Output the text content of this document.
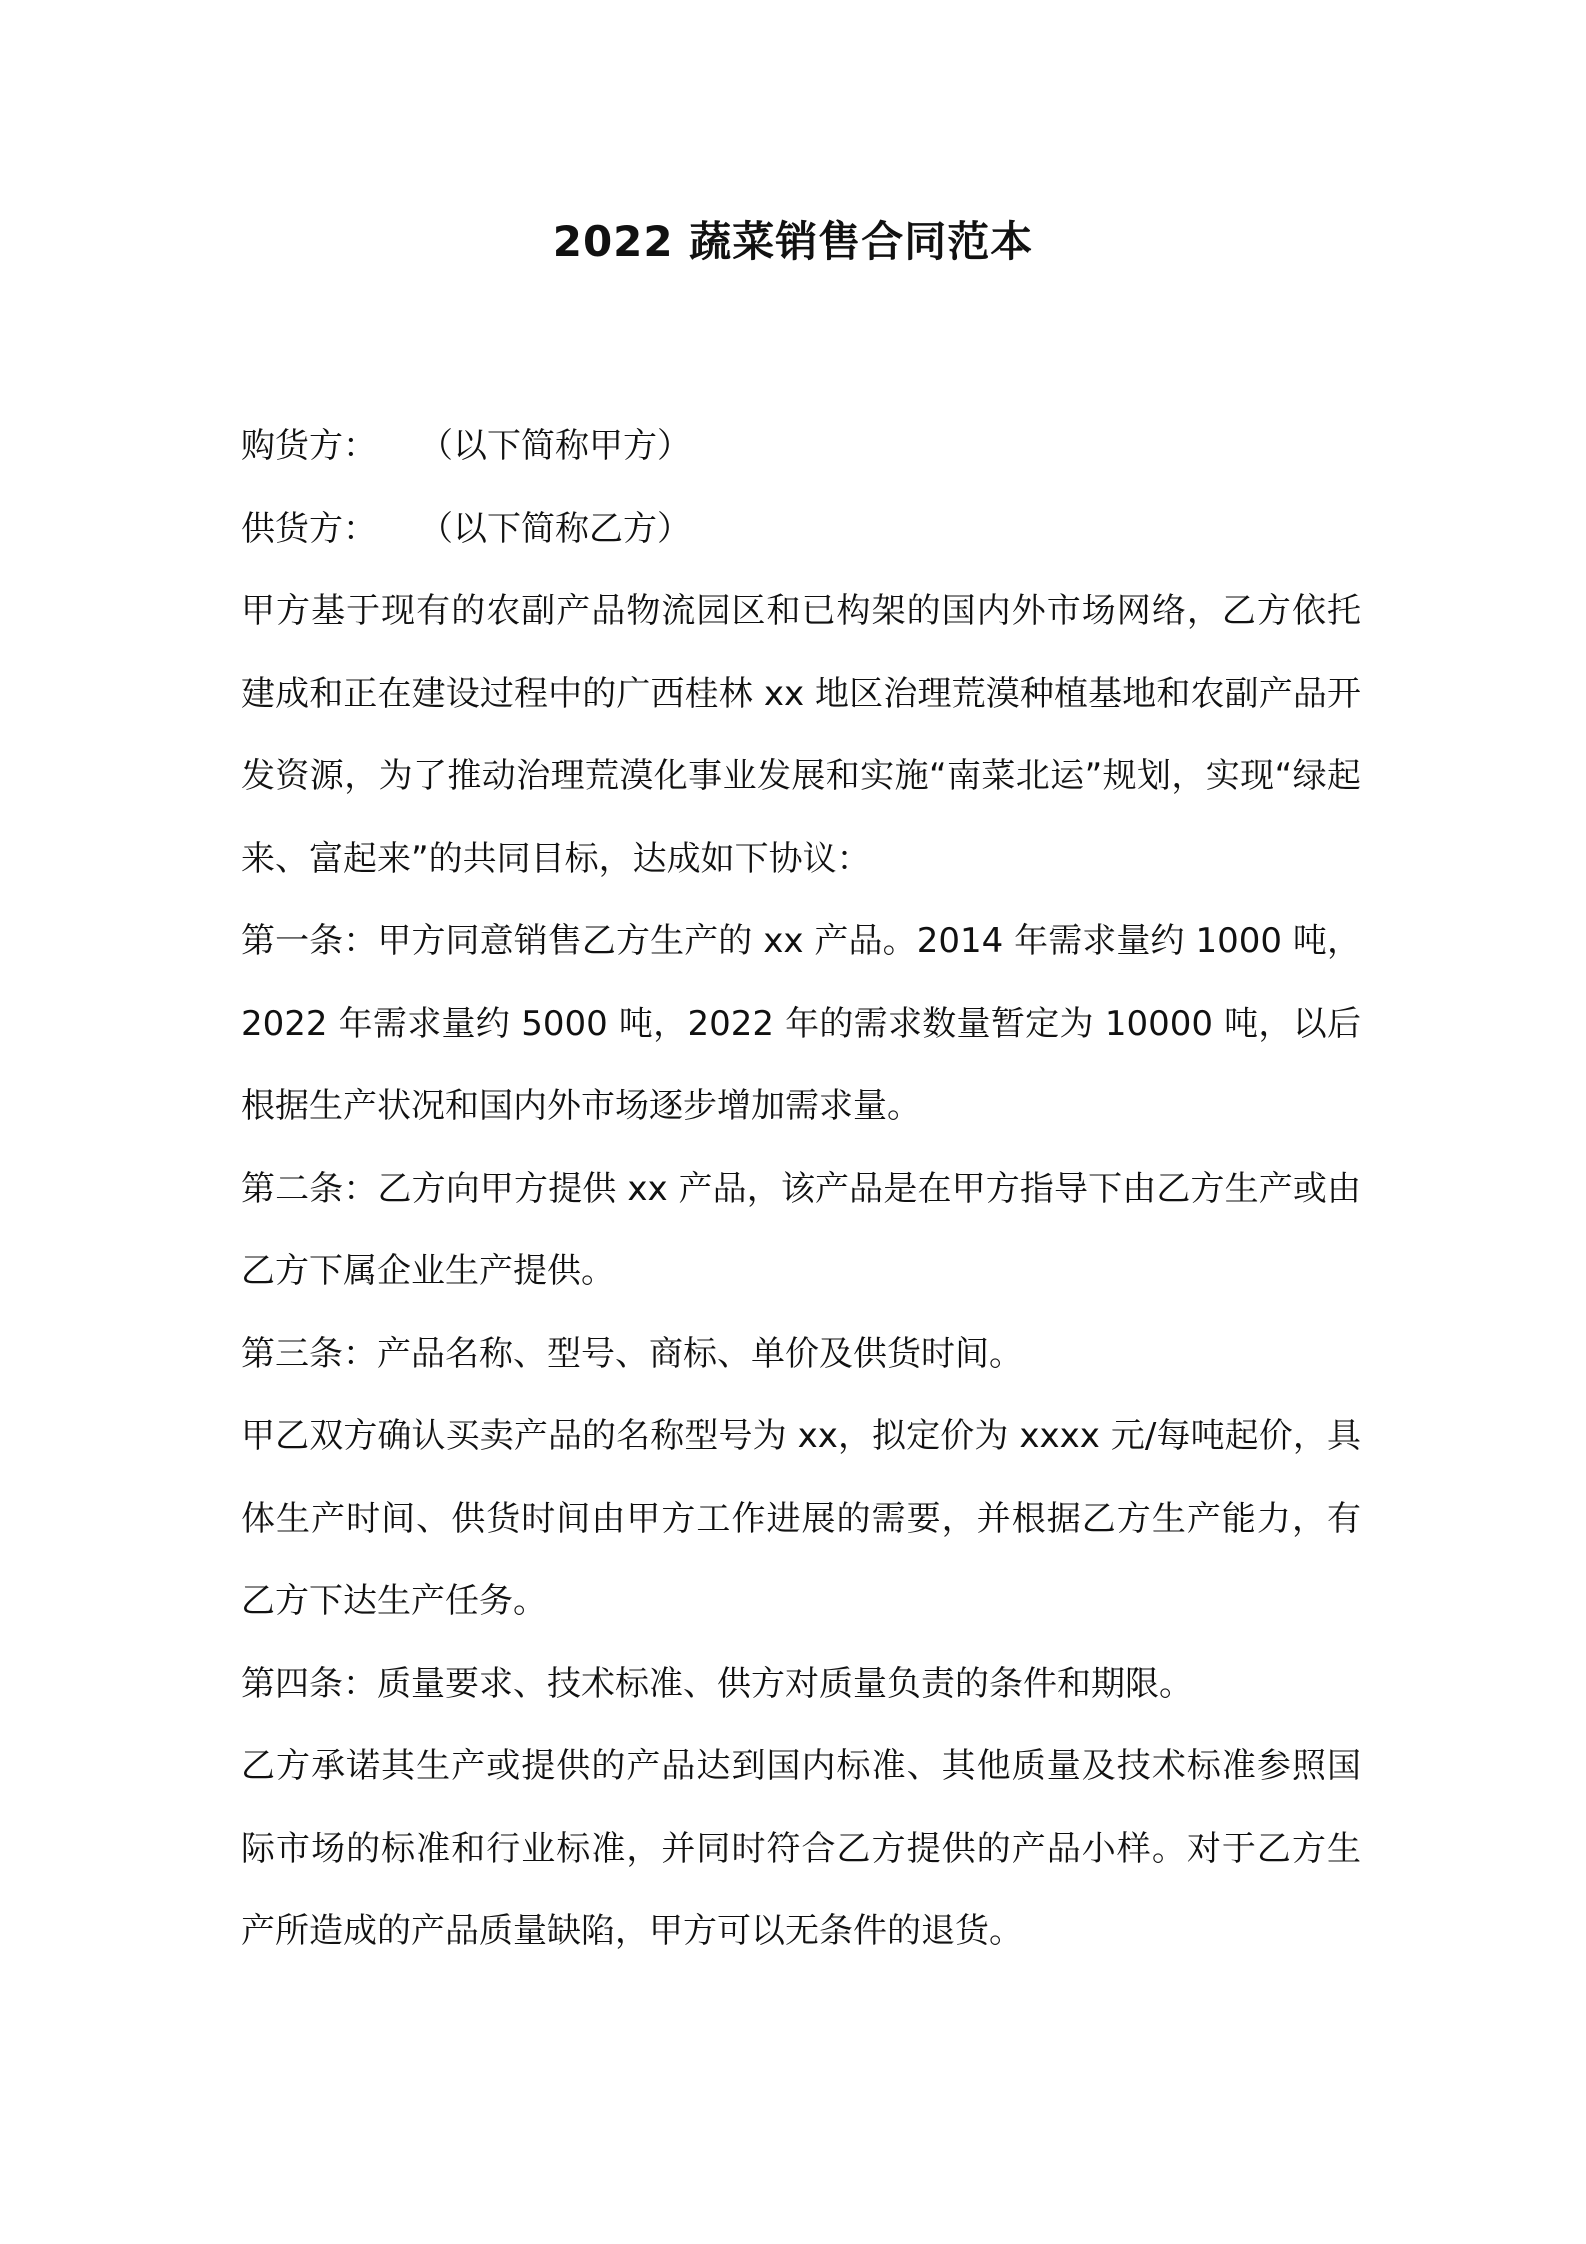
2022 蔬菜销售合同范本

购货方： （以下简称甲方）

供货方： （以下简称乙方）

甲方基于现有的农副产品物流园区和已构架的国内外市场网络，乙方依托建成和正在建设过程中的广西桂林 xx 地区治理荒漠种植基地和农副产品开发资源，为了推动治理荒漠化事业发展和实施“南菜北运”规划，实现“绿起来、富起来”的共同目标，达成如下协议：

第一条：甲方同意销售乙方生产的 xx 产品。2014 年需求量约 1000 吨，2022 年需求量约 5000 吨，2022 年的需求数量暂定为 10000 吨，以后根据生产状况和国内外市场逐步增加需求量。

第二条：乙方向甲方提供 xx 产品，该产品是在甲方指导下由乙方生产或由乙方下属企业生产提供。

第三条：产品名称、型号、商标、单价及供货时间。

甲乙双方确认买卖产品的名称型号为 xx，拟定价为 xxxx 元/每吨起价，具体生产时间、供货时间由甲方工作进展的需要，并根据乙方生产能力，有乙方下达生产任务。

第四条：质量要求、技术标准、供方对质量负责的条件和期限。

乙方承诺其生产或提供的产品达到国内标准、其他质量及技术标准参照国际市场的标准和行业标准，并同时符合乙方提供的产品小样。对于乙方生产所造成的产品质量缺陷，甲方可以无条件的退货。
